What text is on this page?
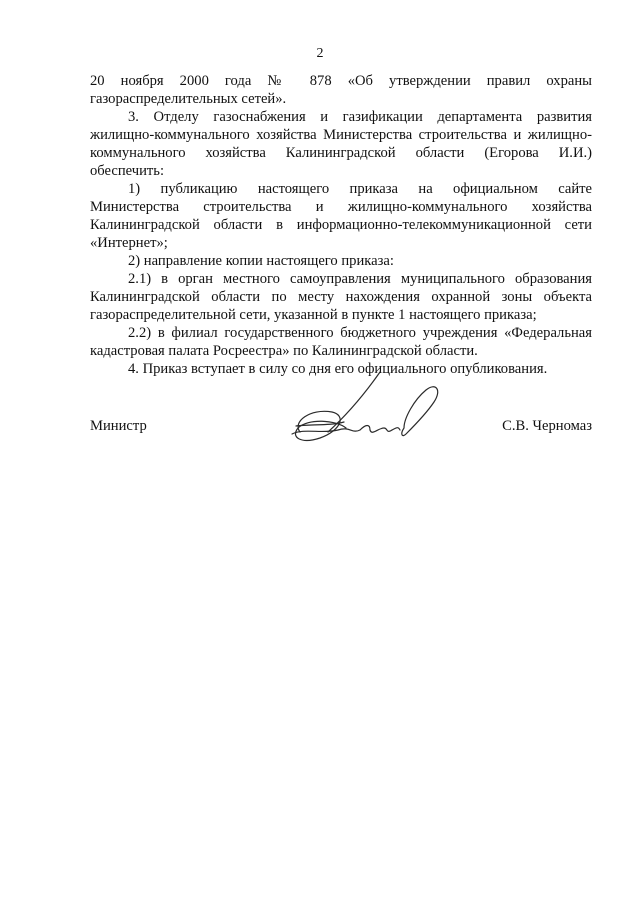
2
20 ноября 2000 года № 878 «Об утверждении правил охраны
газораспределительных сетей».
3. Отделу газоснабжения и газификации департамента развития
жилищно-коммунального хозяйства Министерства строительства и жилищно-
коммунального хозяйства Калининградской области (Егорова И.И.)
обеспечить:
1) публикацию настоящего приказа на официальном сайте
Министерства строительства и жилищно-коммунального хозяйства
Калининградской области в информационно-телекоммуникационной сети
«Интернет»;
2) направление копии настоящего приказа:
2.1) в орган местного самоуправления муниципального образования
Калининградской области по месту нахождения охранной зоны объекта
газораспределительной сети, указанной в пункте 1 настоящего приказа;
2.2) в филиал государственного бюджетного учреждения «Федеральная
кадастровая палата Росреестра» по Калининградской области.
4. Приказ вступает в силу со дня его официального опубликования.
Министр	С.В. Черномаз
